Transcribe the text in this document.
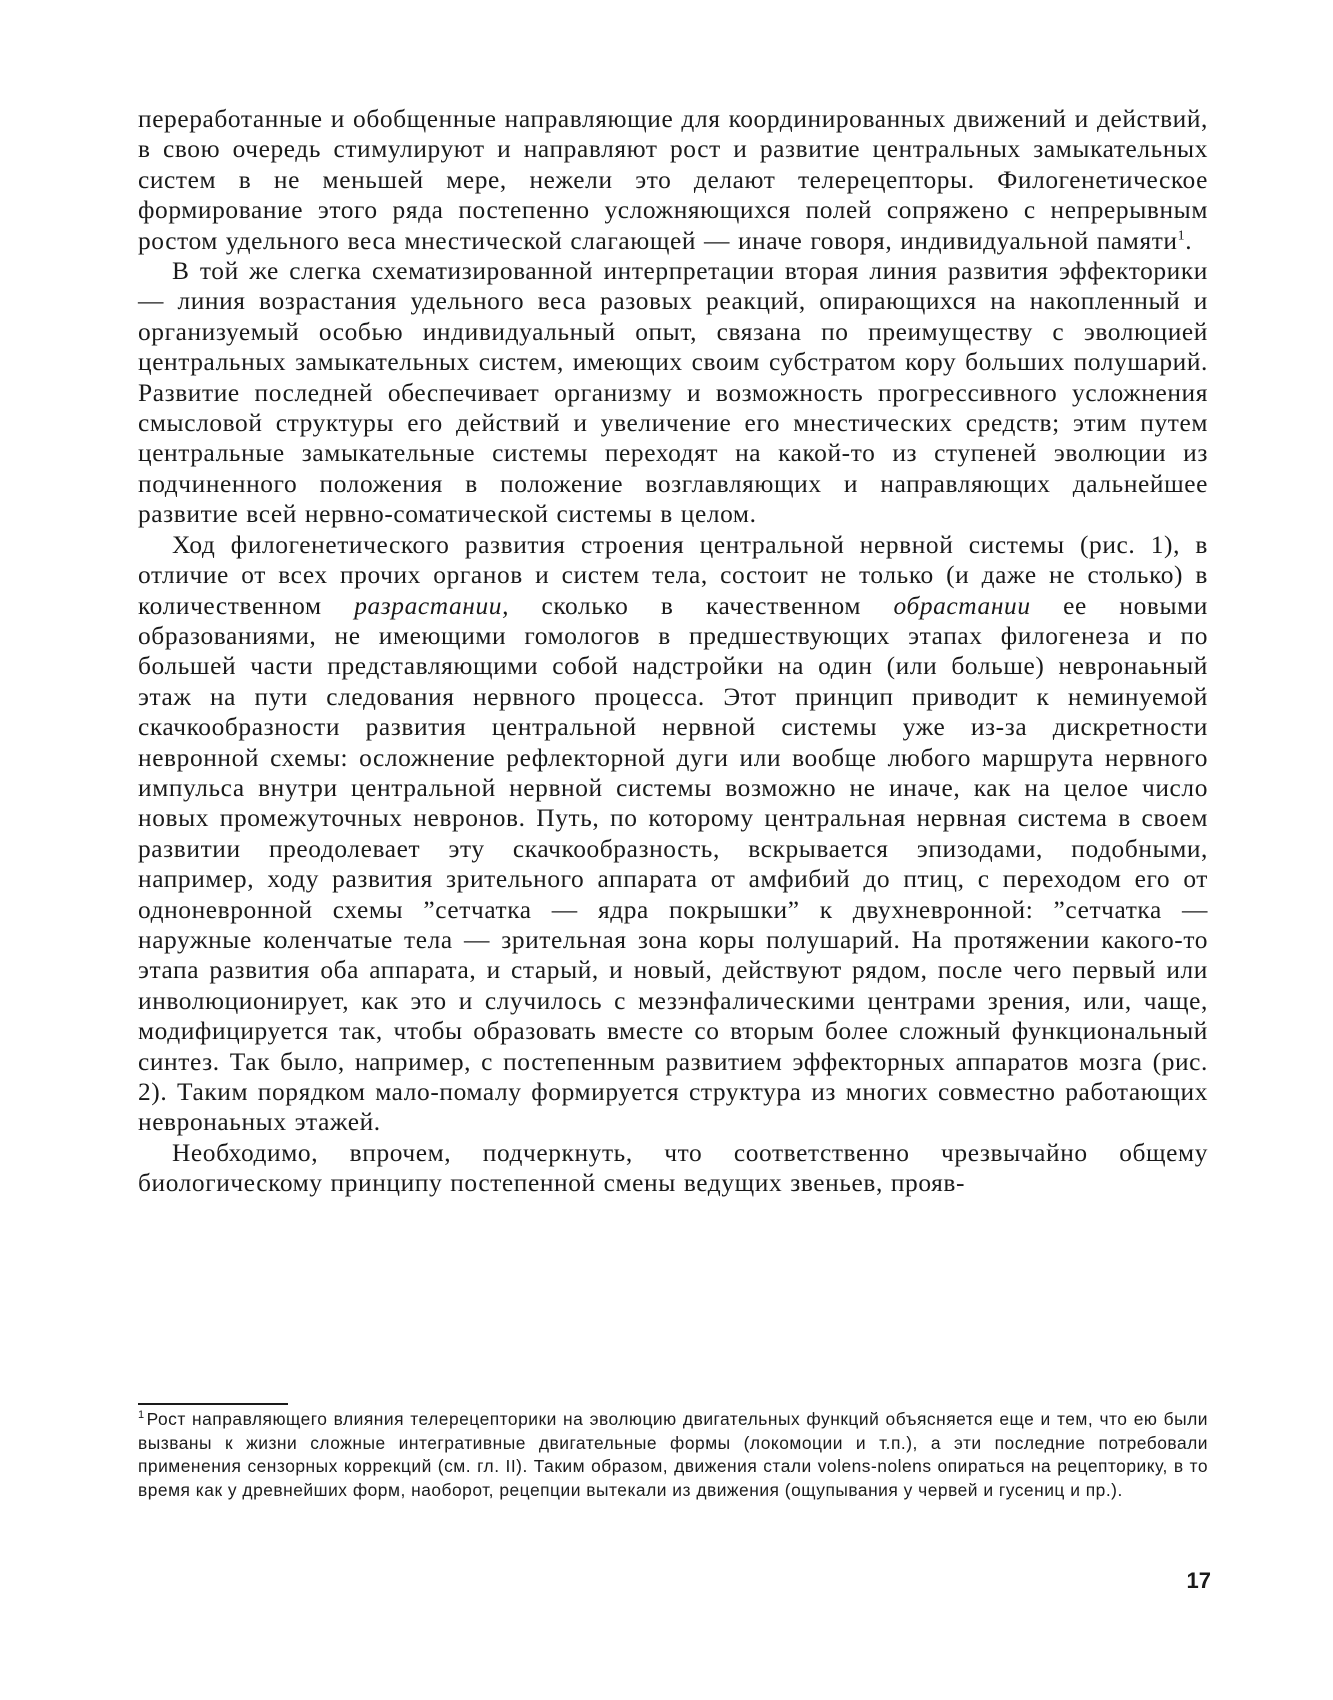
переработанные и обобщенные направляющие для координированных движений и действий, в свою очередь стимулируют и направляют рост и развитие центральных замыкательных систем в не меньшей мере, нежели это делают телерецепторы. Филогенетическое формирование этого ряда постепенно усложняющихся полей сопряжено с непрерывным ростом удельного веса мнестической слагающей — иначе говоря, индивидуальной памяти$^1$.

В той же слегка схематизированной интерпретации вторая линия развития эффекторики — линия возрастания удельного веса разовых реакций, опирающихся на накопленный и организуемый особью индивидуальный опыт, связана по преимуществу с эволюцией центральных замыкательных систем, имеющих своим субстратом кору больших полушарий. Развитие последней обеспечивает организму и возможность прогрессивного усложнения смысловой структуры его действий и увеличение его мнестических средств; этим путем центральные замыкательные системы переходят на какой-то из ступеней эволюции из подчиненного положения в положение возглавляющих и направляющих дальнейшее развитие всей нервно-соматической системы в целом.

Ход филогенетического развития строения центральной нервной системы (рис. 1), в отличие от всех прочих органов и систем тела, состоит не только (и даже не столько) в количественном разрастании, сколько в качественном обрастании ее новыми образованиями, не имеющими гомологов в предшествующих этапах филогенеза и по большей части представляющими собой надстройки на один (или больше) невронаьный этаж на пути следования нервного процесса. Этот принцип приводит к неминуемой скачкообразности развития центральной нервной системы уже из-за дискретности невронной схемы: осложнение рефлекторной дуги или вообще любого маршрута нервного импульса внутри центральной нервной системы возможно не иначе, как на целое число новых промежуточных невронов. Путь, по которому центральная нервная система в своем развитии преодолевает эту скачкообразность, вскрывается эпизодами, подобными, например, ходу развития зрительного аппарата от амфибий до птиц, с переходом его от одноневронной схемы ”сетчатка — ядра покрышки” к двухневронной: ”сетчатка — наружные коленчатые тела — зрительная зона коры полушарий. На протяжении какого-то этапа развития оба аппарата, и старый, и новый, действуют рядом, после чего первый или инволюционирует, как это и случилось с мезэнфалическими центрами зрения, или, чаще, модифицируется так, чтобы образовать вместе со вторым более сложный функциональный синтез. Так было, например, с постепенным развитием эффекторных аппаратов мозга (рис. 2). Таким порядком мало-помалу формируется структура из многих совместно работающих невронаьных этажей.

Необходимо, впрочем, подчеркнуть, что соответственно чрезвычайно общему биологическому принципу постепенной смены ведущих звеньев, прояв-

$^1$ Рост направляющего влияния телерецепторики на эволюцию двигательных функций объясняется еще и тем, что ею были вызваны к жизни сложные интегративные двигательные формы (локомоции и т.п.), а эти последние потребовали применения сензорных коррекций (см. гл. II). Таким образом, движения стали volens-nolens опираться на рецепторику, в то время как у древнейших форм, наоборот, рецепции вытекали из движения (ощупывания у червей и гусениц и пр.).
17
